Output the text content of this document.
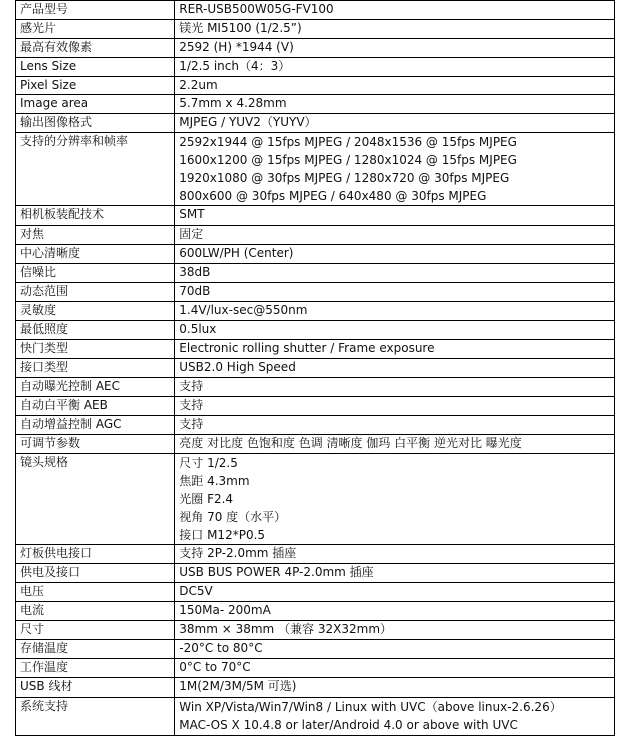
产品型号	RER-USB500W05G-FV100

感光片	镁光 MI5100 (1/2.5”)

最高有效像素	2592 (H) *1944 (V)

Lens Size	1/2.5 inch（4：3）

Pixel Size	2.2um

Image area	5.7mm x 4.28mm

输出图像格式	MJPEG / YUV2（YUYV）

支持的分辨率和帧率	2592x1944 @ 15fps MJPEG / 2048x1536 @ 15fps MJPEG
1600x1200 @ 15fps MJPEG / 1280x1024 @ 15fps MJPEG
1920x1080 @ 30fps MJPEG / 1280x720 @ 30fps MJPEG
800x600 @ 30fps MJPEG / 640x480 @ 30fps MJPEG

相机板装配技术	SMT

对焦	固定

中心清晰度	600LW/PH (Center)

信噪比	38dB

动态范围	70dB

灵敏度	1.4V/lux-sec@550nm

最低照度	0.5lux

快门类型	Electronic rolling shutter / Frame exposure

接口类型	USB2.0 High Speed

自动曝光控制 AEC	支持

自动白平衡 AEB	支持

自动增益控制 AGC	支持

可调节参数	亮度 对比度 色饱和度 色调 清晰度 伽玛 白平衡 逆光对比 曝光度

镜头规格	尺寸 1/2.5
焦距 4.3mm
光圈 F2.4
视角 70 度（水平）
接口 M12*P0.5

灯板供电接口	支持 2P-2.0mm 插座

供电及接口	USB BUS POWER 4P-2.0mm 插座

电压	DC5V

电流	150Ma- 200mA

尺寸	38mm × 38mm （兼容 32X32mm）

存储温度	-20°C to 80°C

工作温度	0°C to 70°C

USB 线材	1M(2M/3M/5M 可选)

系统支持	Win XP/Vista/Win7/Win8 / Linux with UVC（above linux-2.6.26）
MAC-OS X 10.4.8 or later/Android 4.0 or above with UVC
